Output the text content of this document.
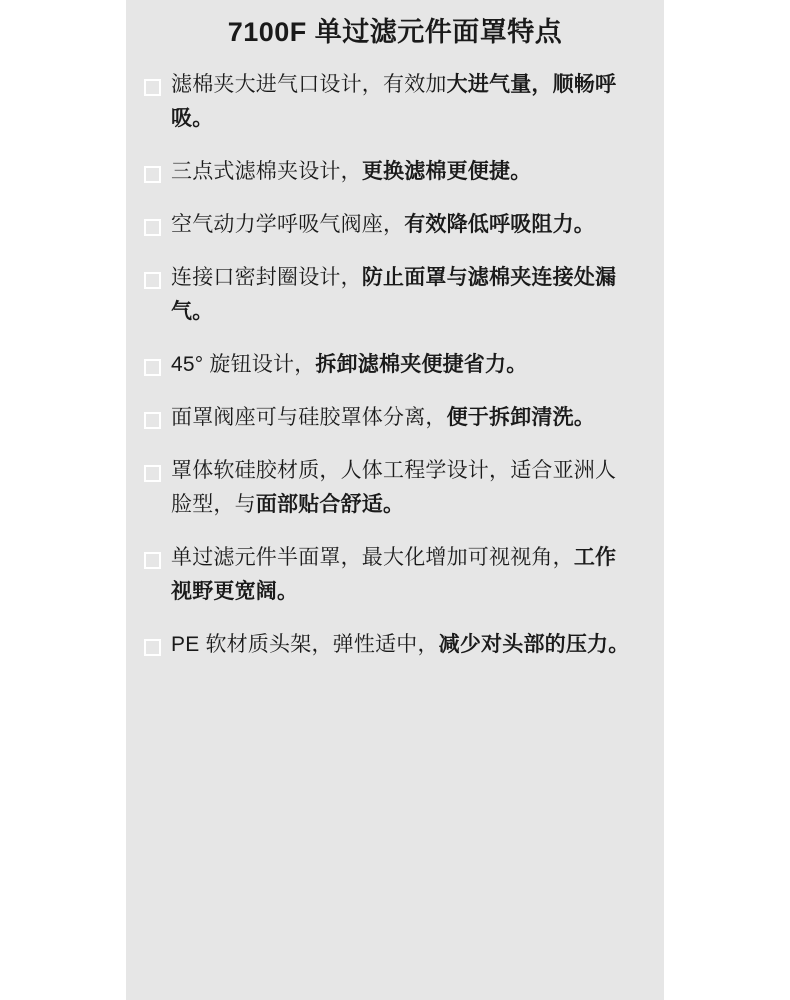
7100F 单过滤元件面罩特点
滤棉夹大进气口设计，有效加大进气量，顺畅呼吸。
三点式滤棉夹设计，更换滤棉更便捷。
空气动力学呼吸气阀座，有效降低呼吸阻力。
连接口密封圈设计，防止面罩与滤棉夹连接处漏气。
45° 旋钮设计，拆卸滤棉夹便捷省力。
面罩阀座可与硅胶罩体分离，便于拆卸清洗。
罩体软硅胶材质，人体工程学设计，适合亚洲人脸型，与面部贴合舒适。
单过滤元件半面罩，最大化增加可视视角，工作视野更宽阔。
PE 软材质头架，弹性适中，减少对头部的压力。
